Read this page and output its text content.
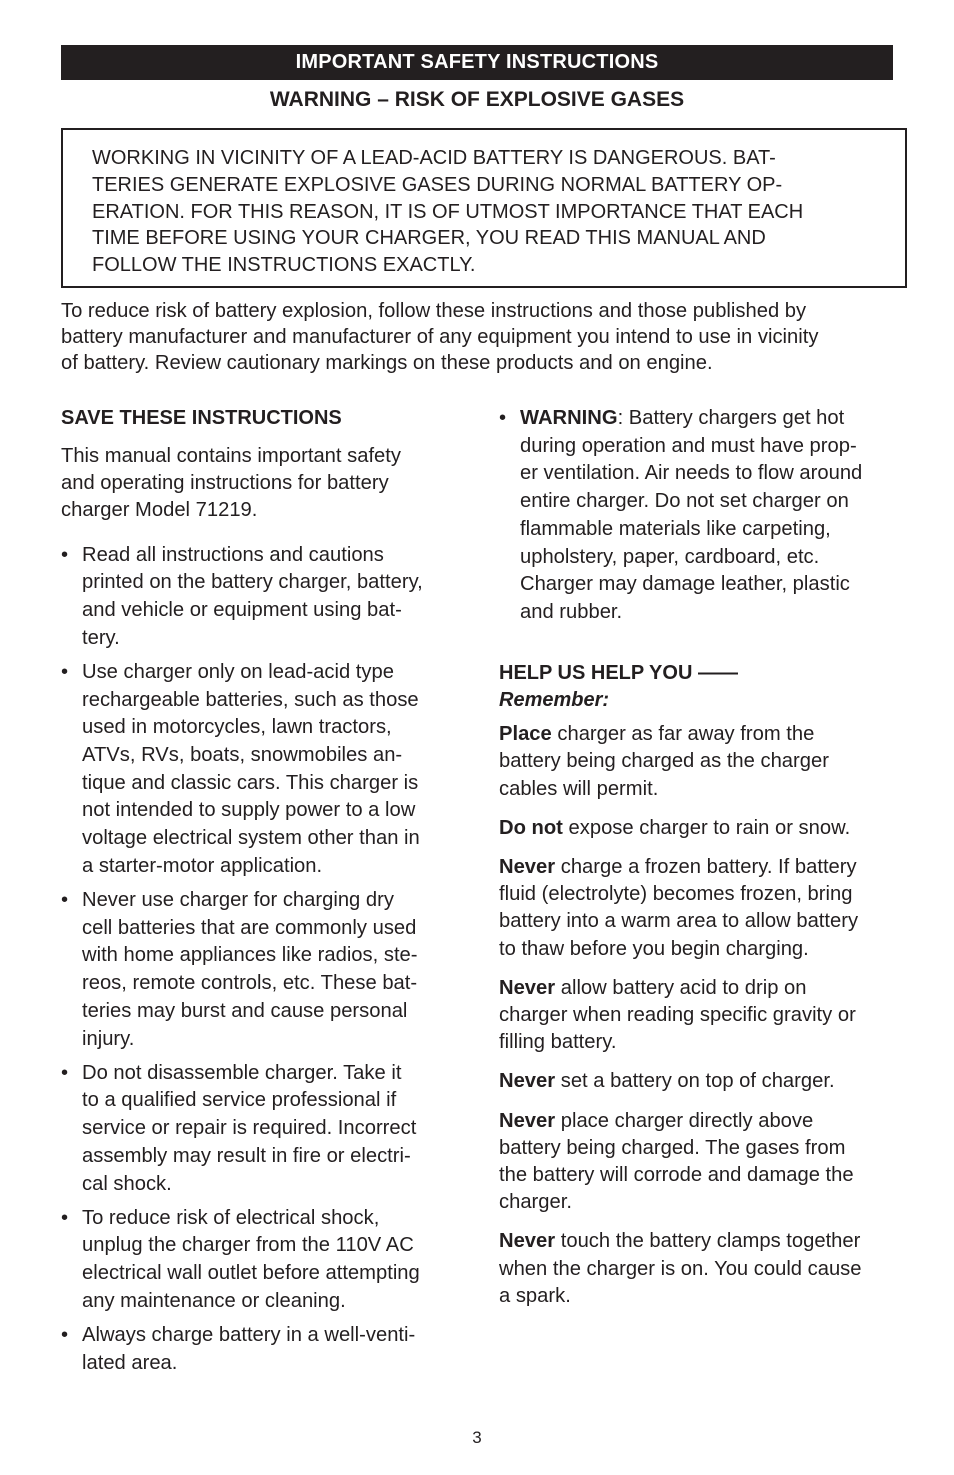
IMPORTANT SAFETY INSTRUCTIONS
WARNING – RISK OF EXPLOSIVE GASES
WORKING IN VICINITY OF A LEAD-ACID BATTERY IS DANGEROUS. BAT-
TERIES GENERATE EXPLOSIVE GASES DURING NORMAL BATTERY OP-
ERATION. FOR THIS REASON, IT IS OF UTMOST IMPORTANCE THAT EACH
TIME BEFORE USING YOUR CHARGER, YOU READ THIS MANUAL AND
FOLLOW THE INSTRUCTIONS EXACTLY.
To reduce risk of battery explosion, follow these instructions and those published by
battery manufacturer and manufacturer of any equipment you intend to use in vicinity
of battery. Review cautionary markings on these products and on engine.
SAVE THESE INSTRUCTIONS
This manual contains important safety
and operating instructions for battery
charger Model 71219.
• Read all instructions and cautions
printed on the battery charger, battery,
and vehicle or equipment using bat-
tery.
• Use charger only on lead-acid type
rechargeable batteries, such as those
used in motorcycles, lawn tractors,
ATVs, RVs, boats, snowmobiles an-
tique and classic cars. This charger is
not intended to supply power to a low
voltage electrical system other than in
a starter-motor application.
• Never use charger for charging dry
cell batteries that are commonly used
with home appliances like radios, ste-
reos, remote controls, etc. These bat-
teries may burst and cause personal
injury.
• Do not disassemble charger. Take it
to a qualified service professional if
service or repair is required. Incorrect
assembly may result in fire or electri-
cal shock.
• To reduce risk of electrical shock,
unplug the charger from the 110V AC
electrical wall outlet before attempting
any maintenance or cleaning.
• Always charge battery in a well-venti-
lated area.
• WARNING: Battery chargers get hot
during operation and must have prop-
er ventilation. Air needs to flow around
entire charger. Do not set charger on
flammable materials like carpeting,
upholstery, paper, cardboard, etc.
Charger may damage leather, plastic
and rubber.
HELP US HELP YOU ——
Remember:
Place charger as far away from the
battery being charged as the charger
cables will permit.
Do not expose charger to rain or snow.
Never charge a frozen battery. If battery
fluid (electrolyte) becomes frozen, bring
battery into a warm area to allow battery
to thaw before you begin charging.
Never allow battery acid to drip on
charger when reading specific gravity or
filling battery.
Never set a battery on top of charger.
Never place charger directly above
battery being charged. The gases from
the battery will corrode and damage the
charger.
Never touch the battery clamps together
when the charger is on. You could cause
a spark.
3
